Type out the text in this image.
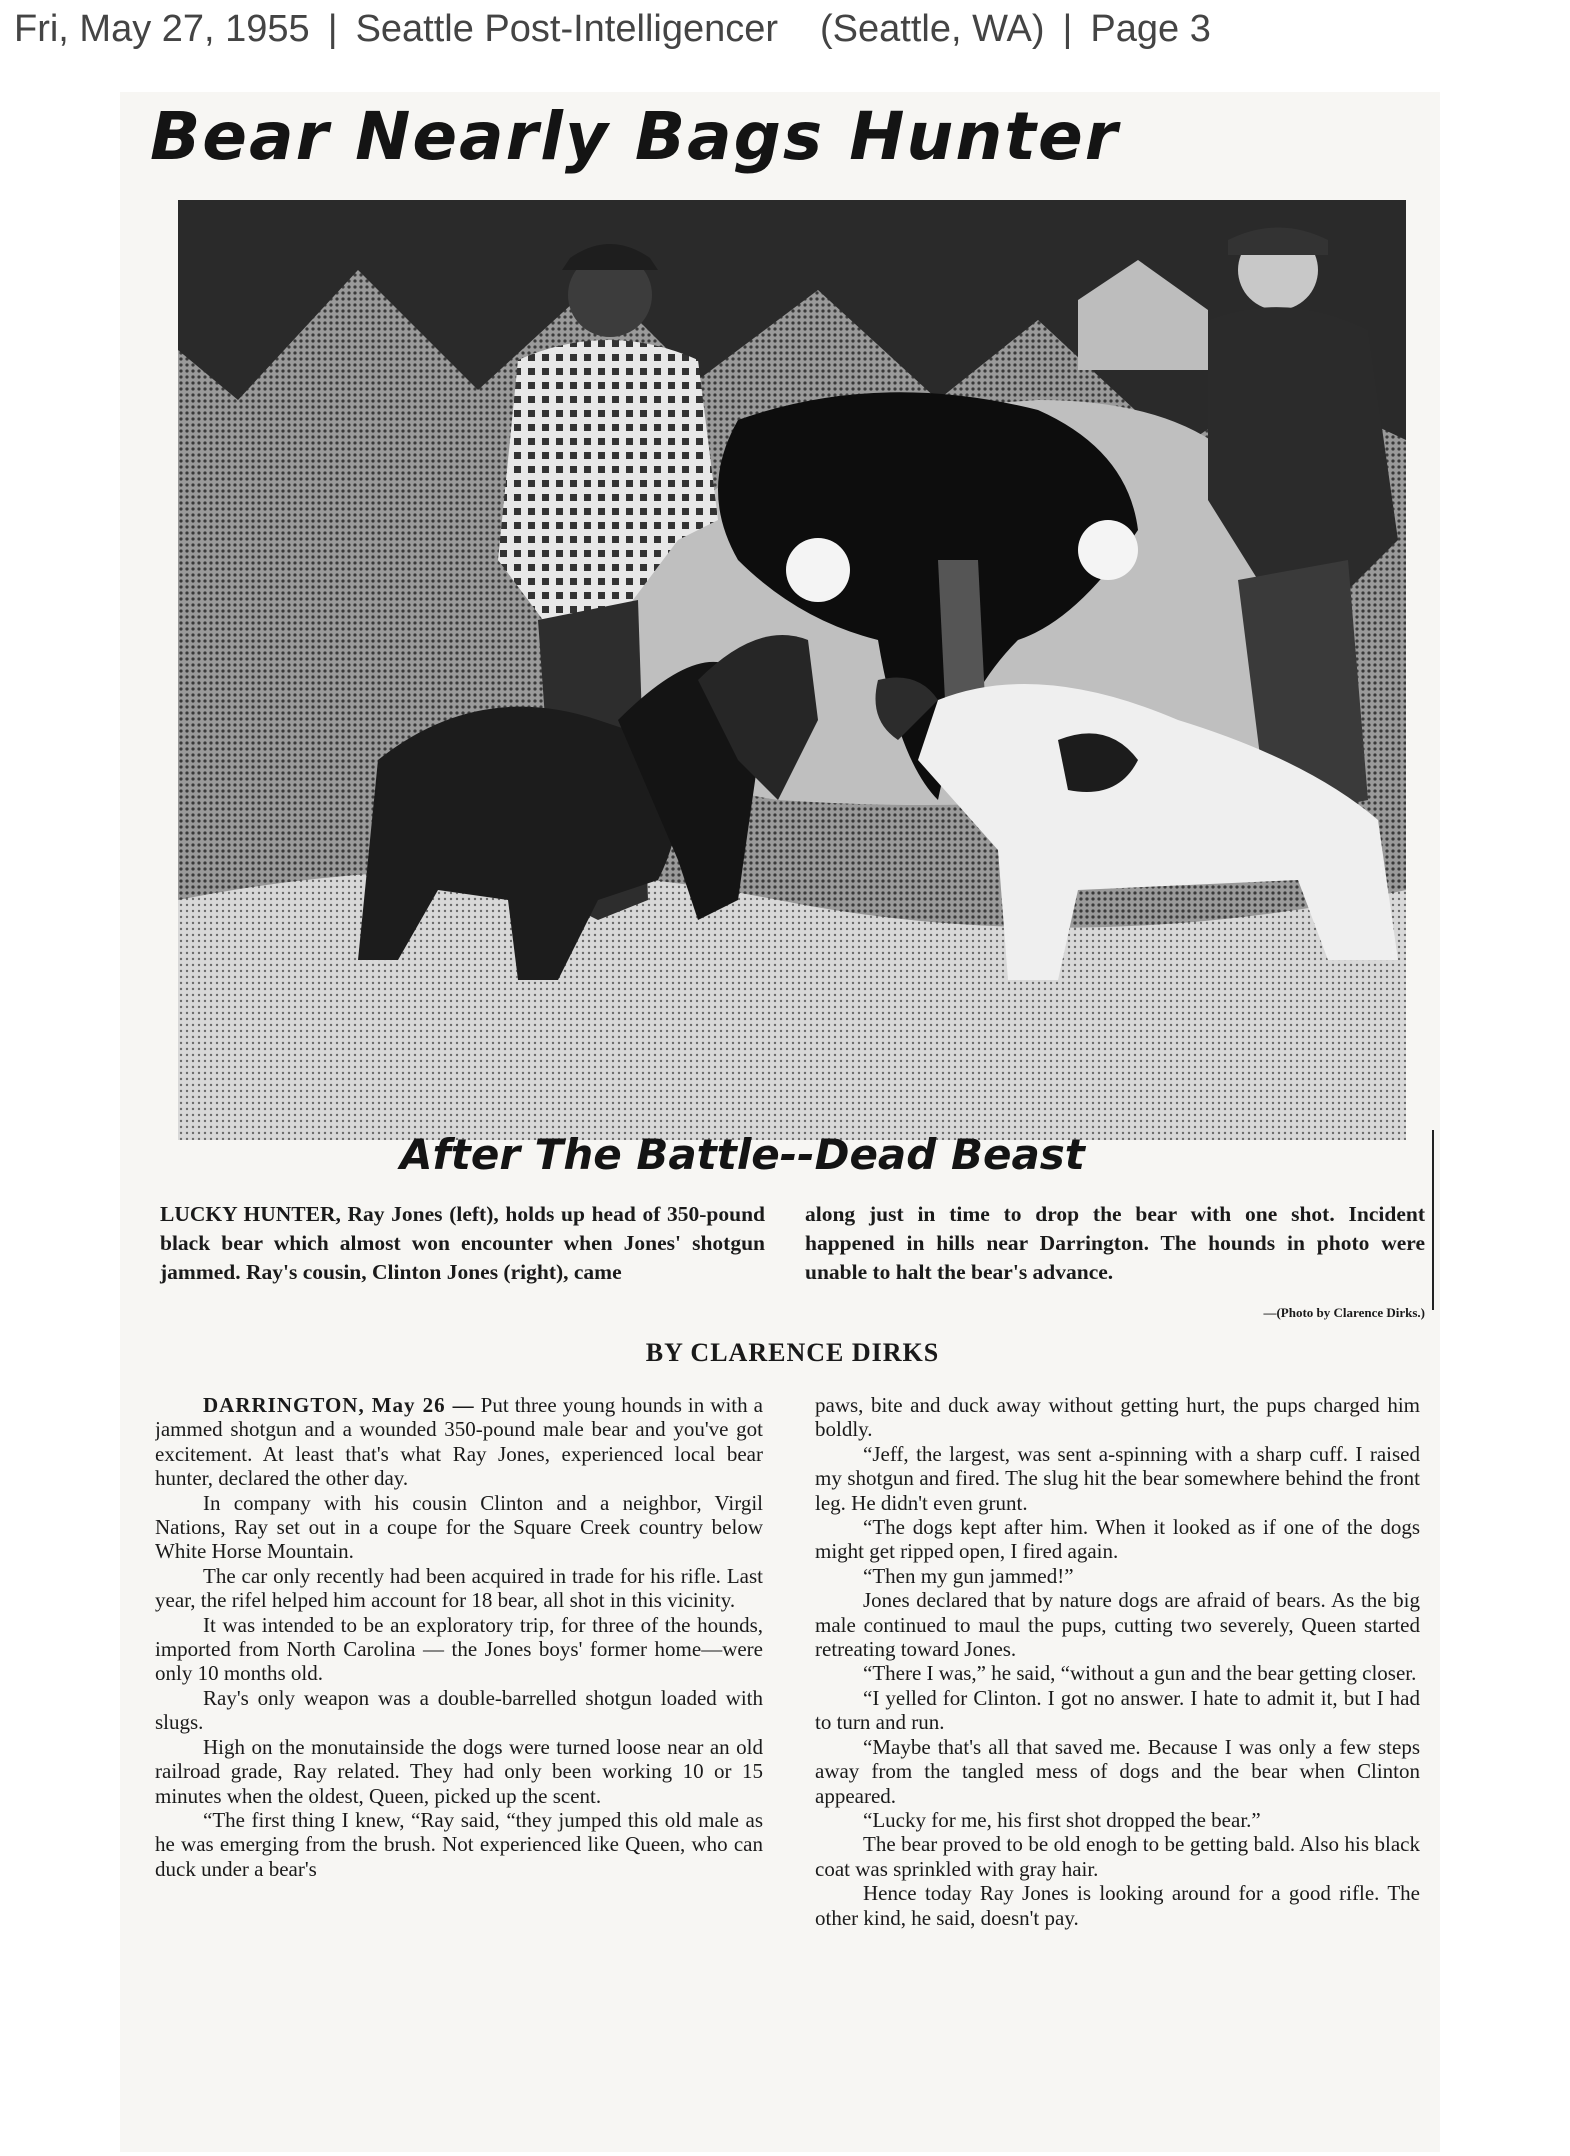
Fri, May 27, 1955 | Seattle Post-Intelligencer (Seattle, WA) | Page 3
Bear Nearly Bags Hunter
After The Battle--Dead Beast
LUCKY HUNTER, Ray Jones (left), holds up head of 350-pound black bear which almost won encounter when Jones' shotgun jammed. Ray's cousin, Clinton Jones (right), came
along just in time to drop the bear with one shot. Incident happened in hills near Darrington. The hounds in photo were unable to halt the bear's advance.
—(Photo by Clarence Dirks.)
BY CLARENCE DIRKS

DARRINGTON, May 26 — Put three young hounds in with a jammed shotgun and a wounded 350-pound male bear and you've got excitement. At least that's what Ray Jones, experienced local bear hunter, declared the other day.

In company with his cousin Clinton and a neighbor, Virgil Nations, Ray set out in a coupe for the Square Creek country below White Horse Mountain.

The car only recently had been acquired in trade for his rifle. Last year, the rifel helped him account for 18 bear, all shot in this vicinity.

It was intended to be an exploratory trip, for three of the hounds, imported from North Carolina — the Jones boys' former home—were only 10 months old.

Ray's only weapon was a double-barrelled shotgun loaded with slugs.

High on the monutainside the dogs were turned loose near an old railroad grade, Ray related. They had only been working 10 or 15 minutes when the oldest, Queen, picked up the scent.

“The first thing I knew, “Ray said, “they jumped this old male as he was emerging from the brush. Not experienced like Queen, who can duck under a bear's

paws, bite and duck away without getting hurt, the pups charged him boldly.

“Jeff, the largest, was sent a-spinning with a sharp cuff. I raised my shotgun and fired. The slug hit the bear somewhere behind the front leg. He didn't even grunt.

“The dogs kept after him. When it looked as if one of the dogs might get ripped open, I fired again.

“Then my gun jammed!”

Jones declared that by nature dogs are afraid of bears. As the big male continued to maul the pups, cutting two severely, Queen started retreating toward Jones.

“There I was,” he said, “without a gun and the bear getting closer.

“I yelled for Clinton. I got no answer. I hate to admit it, but I had to turn and run.

“Maybe that's all that saved me. Because I was only a few steps away from the tangled mess of dogs and the bear when Clinton appeared.

“Lucky for me, his first shot dropped the bear.”

The bear proved to be old enogh to be getting bald. Also his black coat was sprinkled with gray hair.

Hence today Ray Jones is looking around for a good rifle. The other kind, he said, doesn't pay.
